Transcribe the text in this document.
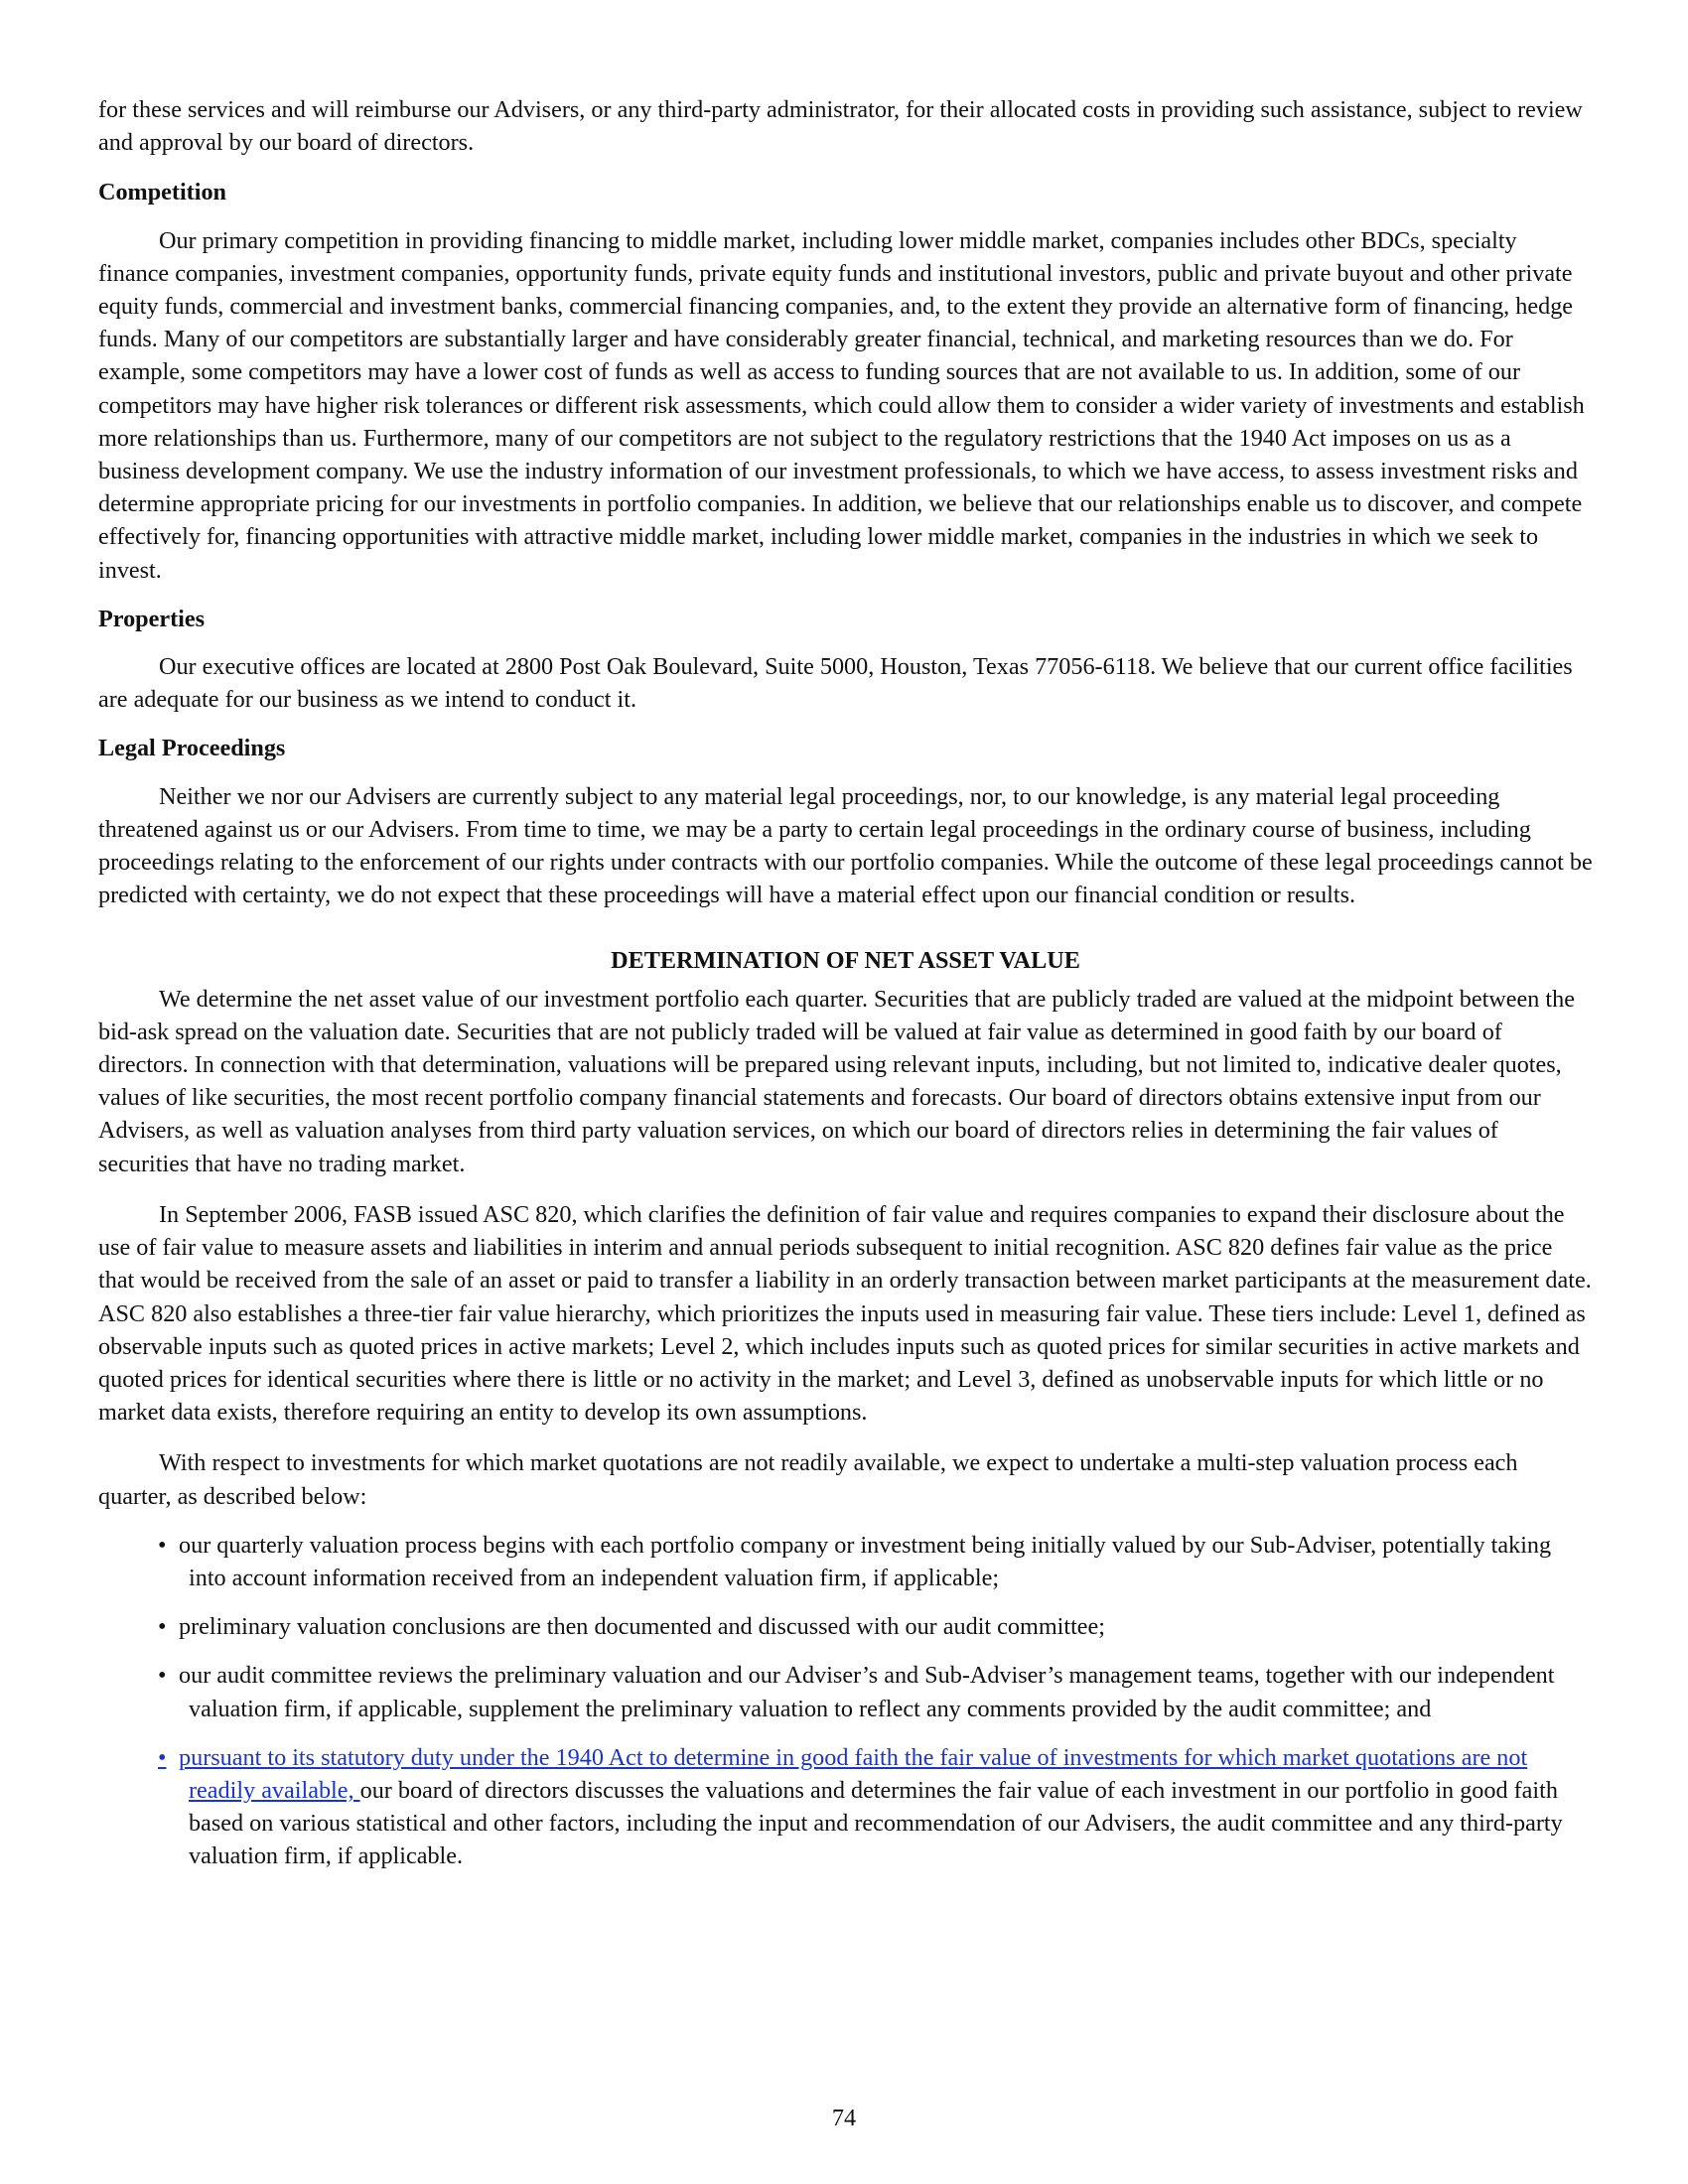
for these services and will reimburse our Advisers, or any third-party administrator, for their allocated costs in providing such assistance, subject to review and approval by our board of directors.

Competition

Our primary competition in providing financing to middle market, including lower middle market, companies includes other BDCs, specialty finance companies, investment companies, opportunity funds, private equity funds and institutional investors, public and private buyout and other private equity funds, commercial and investment banks, commercial financing companies, and, to the extent they provide an alternative form of financing, hedge funds. Many of our competitors are substantially larger and have considerably greater financial, technical, and marketing resources than we do. For example, some competitors may have a lower cost of funds as well as access to funding sources that are not available to us. In addition, some of our competitors may have higher risk tolerances or different risk assessments, which could allow them to consider a wider variety of investments and establish more relationships than us. Furthermore, many of our competitors are not subject to the regulatory restrictions that the 1940 Act imposes on us as a business development company. We use the industry information of our investment professionals, to which we have access, to assess investment risks and determine appropriate pricing for our investments in portfolio companies. In addition, we believe that our relationships enable us to discover, and compete effectively for, financing opportunities with attractive middle market, including lower middle market, companies in the industries in which we seek to invest.

Properties

Our executive offices are located at 2800 Post Oak Boulevard, Suite 5000, Houston, Texas 77056-6118. We believe that our current office facilities are adequate for our business as we intend to conduct it.

Legal Proceedings

Neither we nor our Advisers are currently subject to any material legal proceedings, nor, to our knowledge, is any material legal proceeding threatened against us or our Advisers. From time to time, we may be a party to certain legal proceedings in the ordinary course of business, including proceedings relating to the enforcement of our rights under contracts with our portfolio companies. While the outcome of these legal proceedings cannot be predicted with certainty, we do not expect that these proceedings will have a material effect upon our financial condition or results.

DETERMINATION OF NET ASSET VALUE

We determine the net asset value of our investment portfolio each quarter. Securities that are publicly traded are valued at the midpoint between the bid-ask spread on the valuation date. Securities that are not publicly traded will be valued at fair value as determined in good faith by our board of directors. In connection with that determination, valuations will be prepared using relevant inputs, including, but not limited to, indicative dealer quotes, values of like securities, the most recent portfolio company financial statements and forecasts. Our board of directors obtains extensive input from our Advisers, as well as valuation analyses from third party valuation services, on which our board of directors relies in determining the fair values of securities that have no trading market.

In September 2006, FASB issued ASC 820, which clarifies the definition of fair value and requires companies to expand their disclosure about the use of fair value to measure assets and liabilities in interim and annual periods subsequent to initial recognition. ASC 820 defines fair value as the price that would be received from the sale of an asset or paid to transfer a liability in an orderly transaction between market participants at the measurement date. ASC 820 also establishes a three-tier fair value hierarchy, which prioritizes the inputs used in measuring fair value. These tiers include: Level 1, defined as observable inputs such as quoted prices in active markets; Level 2, which includes inputs such as quoted prices for similar securities in active markets and quoted prices for identical securities where there is little or no activity in the market; and Level 3, defined as unobservable inputs for which little or no market data exists, therefore requiring an entity to develop its own assumptions.

With respect to investments for which market quotations are not readily available, we expect to undertake a multi-step valuation process each quarter, as described below:

• our quarterly valuation process begins with each portfolio company or investment being initially valued by our Sub-Adviser, potentially taking into account information received from an independent valuation firm, if applicable;
• preliminary valuation conclusions are then documented and discussed with our audit committee;
• our audit committee reviews the preliminary valuation and our Adviser’s and Sub-Adviser’s management teams, together with our independent valuation firm, if applicable, supplement the preliminary valuation to reflect any comments provided by the audit committee; and
• pursuant to its statutory duty under the 1940 Act to determine in good faith the fair value of investments for which market quotations are not readily available, our board of directors discusses the valuations and determines the fair value of each investment in our portfolio in good faith based on various statistical and other factors, including the input and recommendation of our Advisers, the audit committee and any third-party valuation firm, if applicable.
74
